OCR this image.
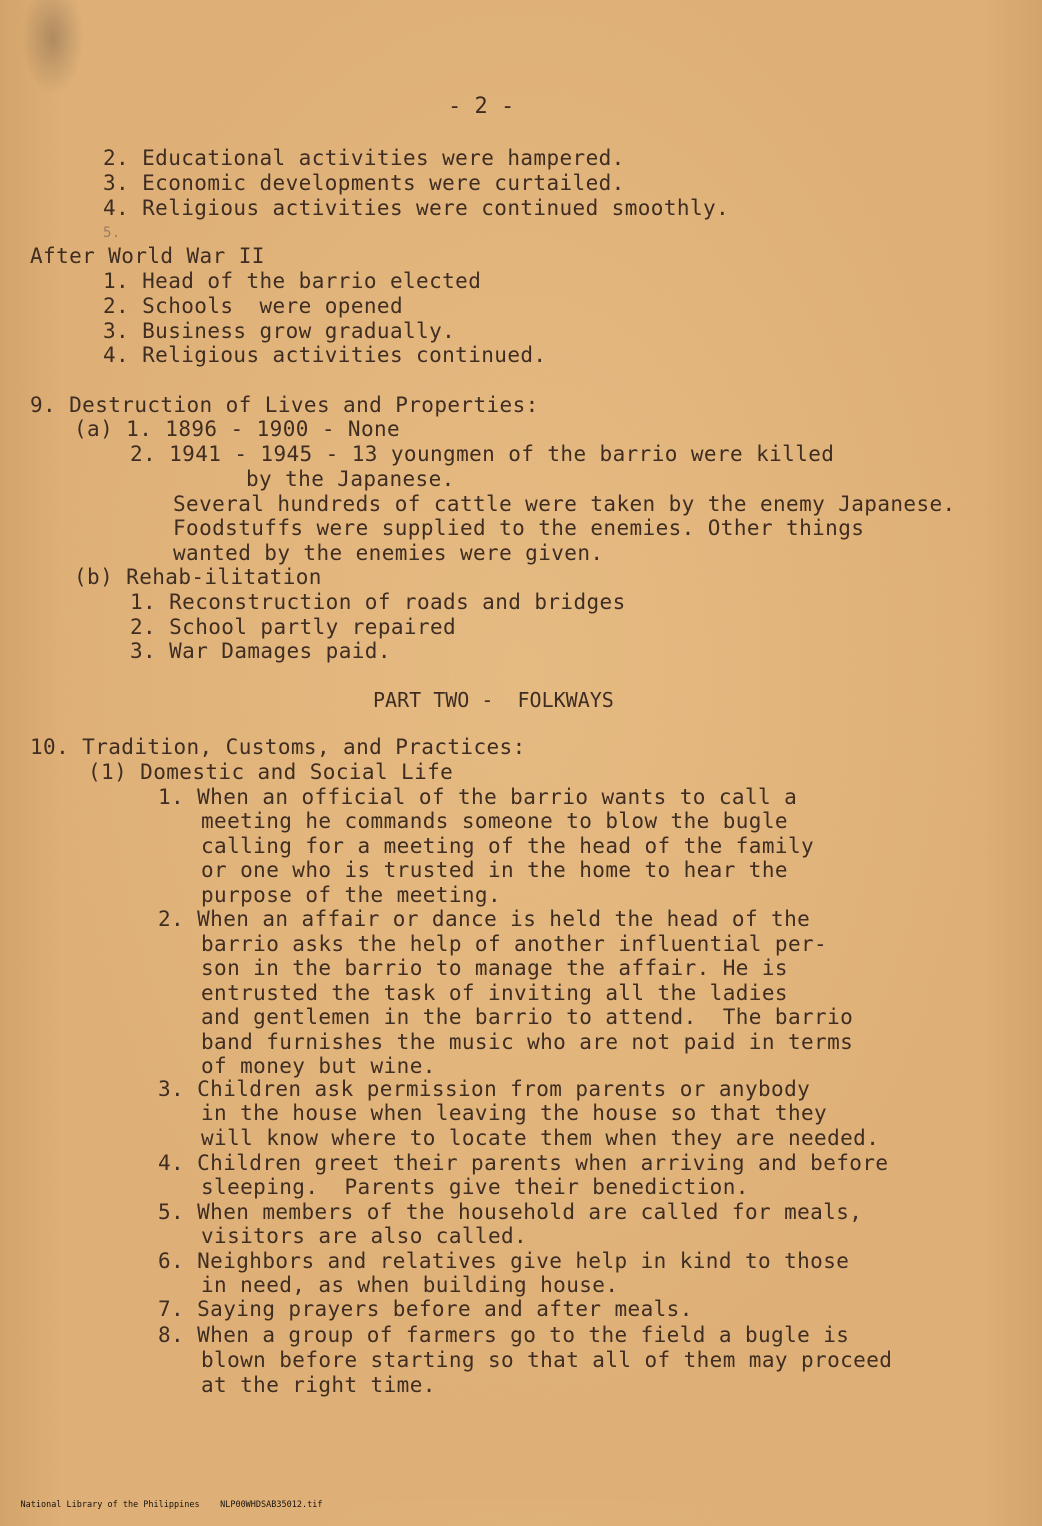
- 2 -
2. Educational activities were hampered.
3. Economic developments were curtailed.
4. Religious activities were continued smoothly.
5.
After World War II
1. Head of the barrio elected
2. Schools  were opened
3. Business grow gradually.
4. Religious activities continued.
9. Destruction of Lives and Properties:
(a) 1. 1896 - 1900 - None
2. 1941 - 1945 - 13 youngmen of the barrio were killed
by the Japanese.
Several hundreds of cattle were taken by the enemy Japanese.
Foodstuffs were supplied to the enemies. Other things
wanted by the enemies were given.
(b) Rehab-ilitation
1. Reconstruction of roads and bridges
2. School partly repaired
3. War Damages paid.
PART TWO -  FOLKWAYS
10. Tradition, Customs, and Practices:
(1) Domestic and Social Life
1. When an official of the barrio wants to call a
meeting he commands someone to blow the bugle
calling for a meeting of the head of the family
or one who is trusted in the home to hear the
purpose of the meeting.
2. When an affair or dance is held the head of the
barrio asks the help of another influential per-
son in the barrio to manage the affair. He is
entrusted the task of inviting all the ladies
and gentlemen in the barrio to attend.  The barrio
band furnishes the music who are not paid in terms
of money but wine.
3. Children ask permission from parents or anybody
in the house when leaving the house so that they
will know where to locate them when they are needed.
4. Children greet their parents when arriving and before
sleeping.  Parents give their benediction.
5. When members of the household are called for meals,
visitors are also called.
6. Neighbors and relatives give help in kind to those
in need, as when building house.
7. Saying prayers before and after meals.
8. When a group of farmers go to the field a bugle is
blown before starting so that all of them may proceed
at the right time.

National Library of the Philippines NLP00WHDSAB35012.tif
